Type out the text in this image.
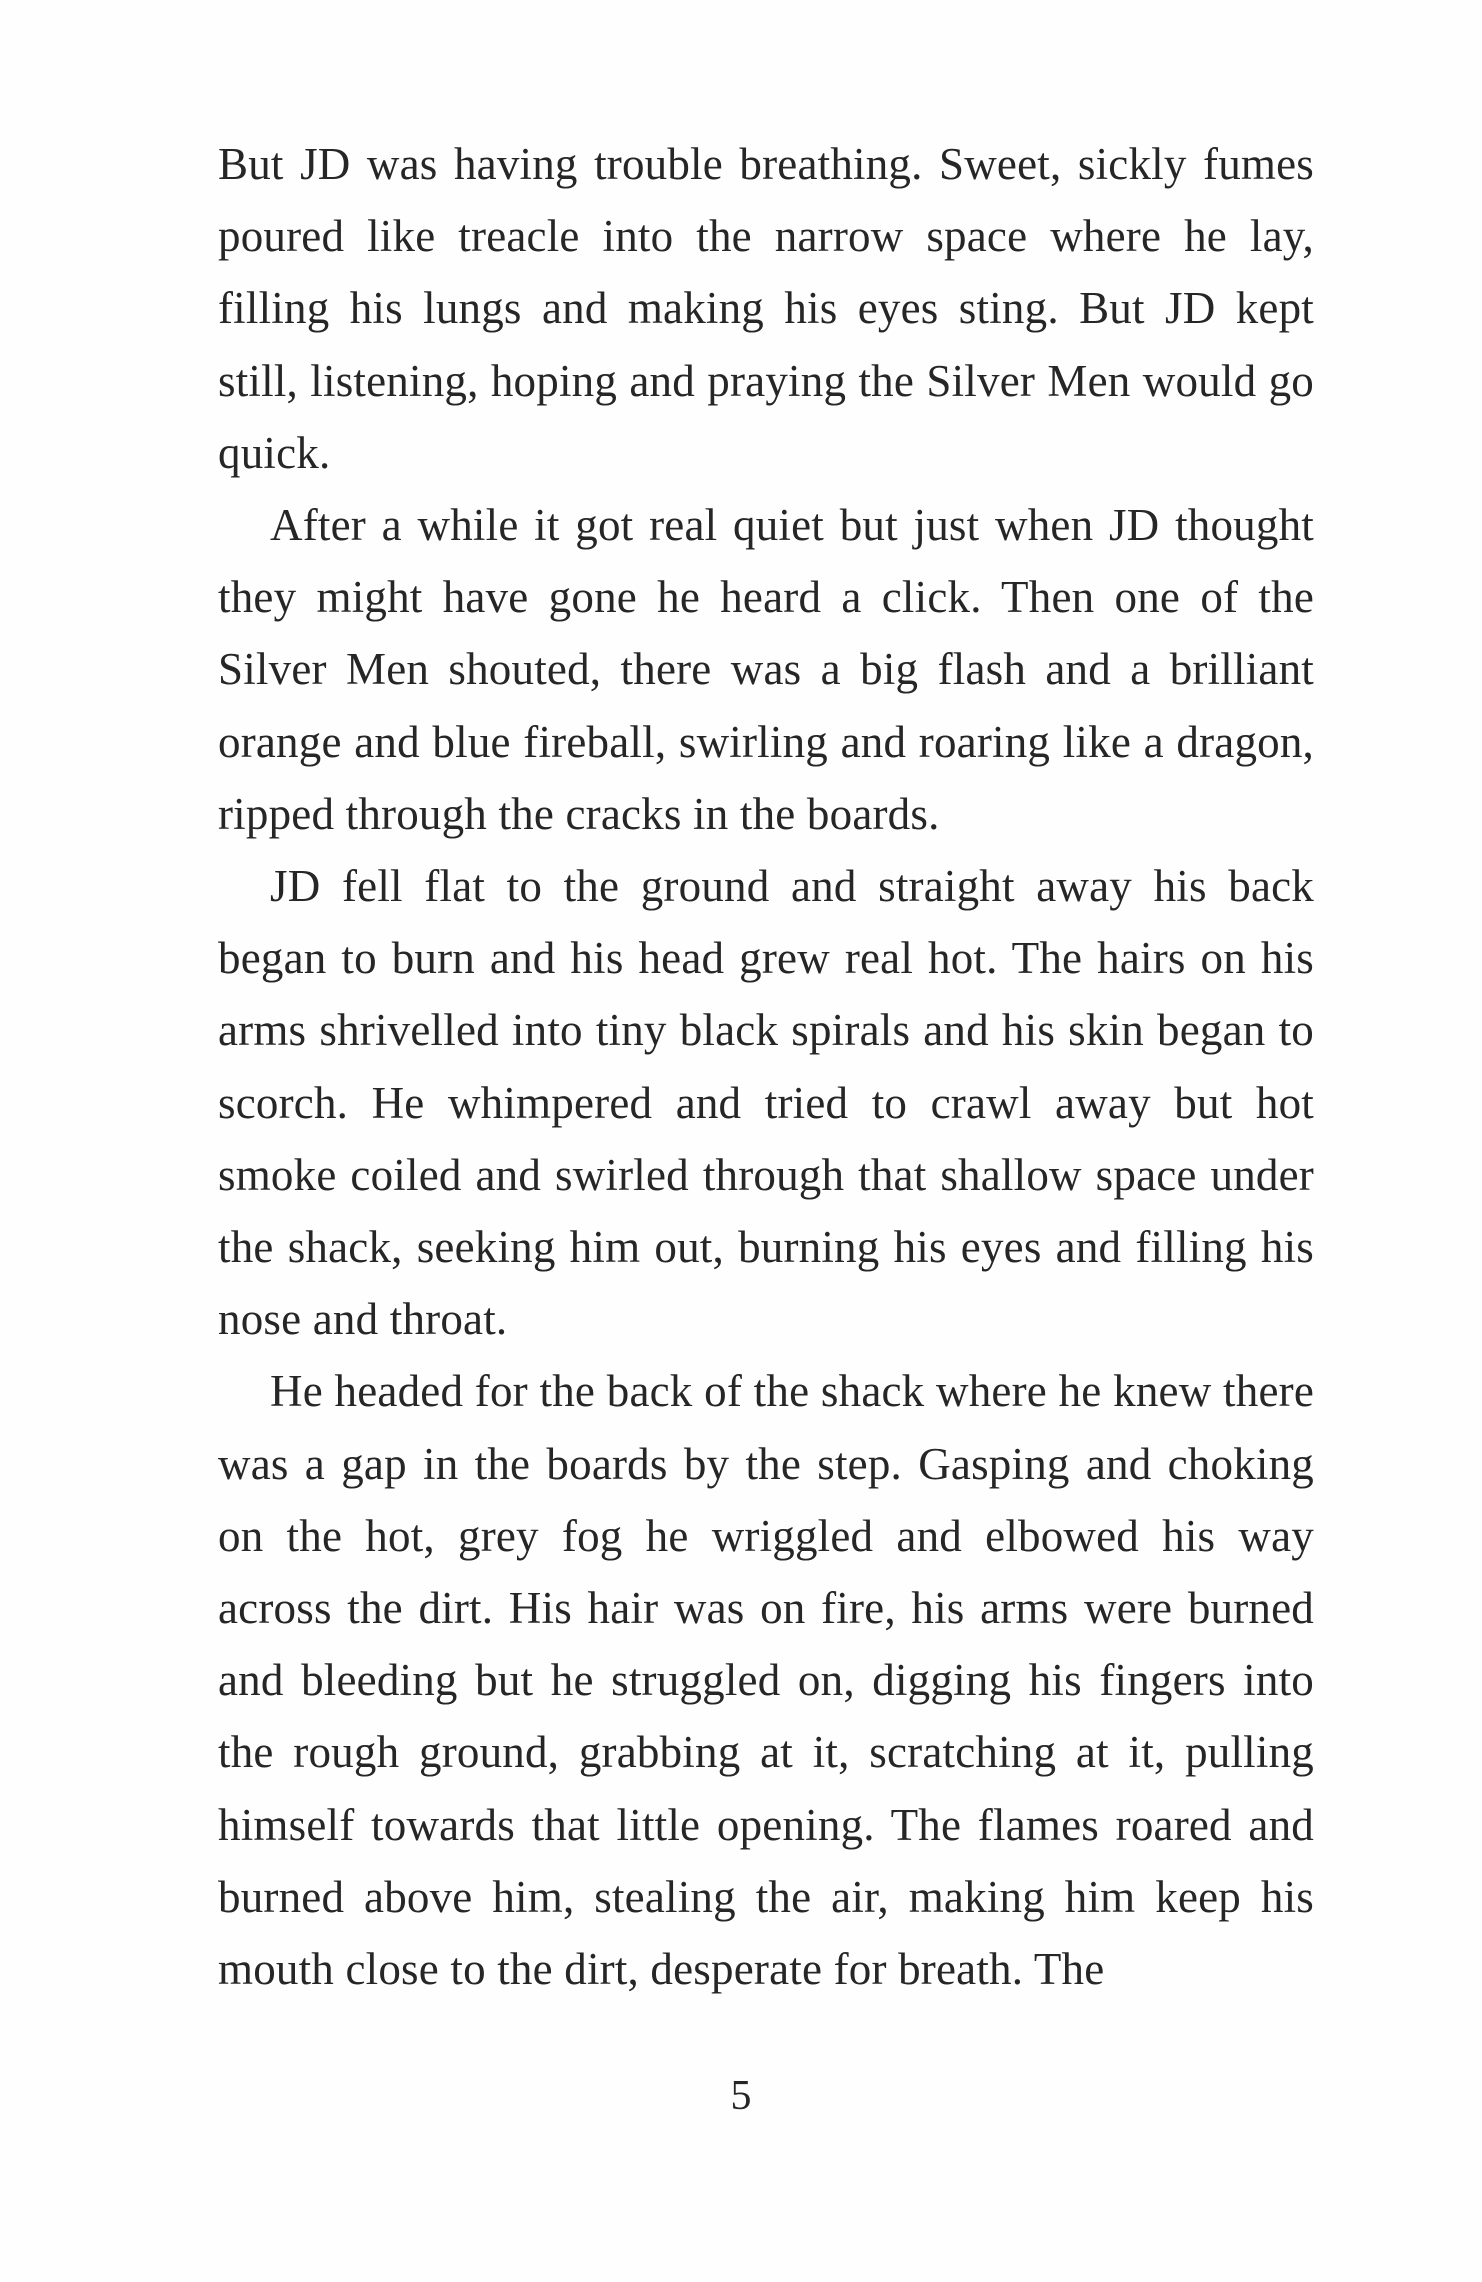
But JD was having trouble breathing. Sweet, sickly fumes poured like treacle into the narrow space where he lay, filling his lungs and making his eyes sting. But JD kept still, listening, hoping and praying the Silver Men would go quick.

After a while it got real quiet but just when JD thought they might have gone he heard a click. Then one of the Silver Men shouted, there was a big flash and a brilliant orange and blue fireball, swirling and roaring like a dragon, ripped through the cracks in the boards.

JD fell flat to the ground and straight away his back began to burn and his head grew real hot. The hairs on his arms shrivelled into tiny black spirals and his skin began to scorch. He whimpered and tried to crawl away but hot smoke coiled and swirled through that shallow space under the shack, seeking him out, burning his eyes and filling his nose and throat.

He headed for the back of the shack where he knew there was a gap in the boards by the step. Gasping and choking on the hot, grey fog he wriggled and elbowed his way across the dirt. His hair was on fire, his arms were burned and bleeding but he struggled on, digging his fingers into the rough ground, grabbing at it, scratching at it, pulling himself towards that little opening. The flames roared and burned above him, stealing the air, making him keep his mouth close to the dirt, desperate for breath. The

5
